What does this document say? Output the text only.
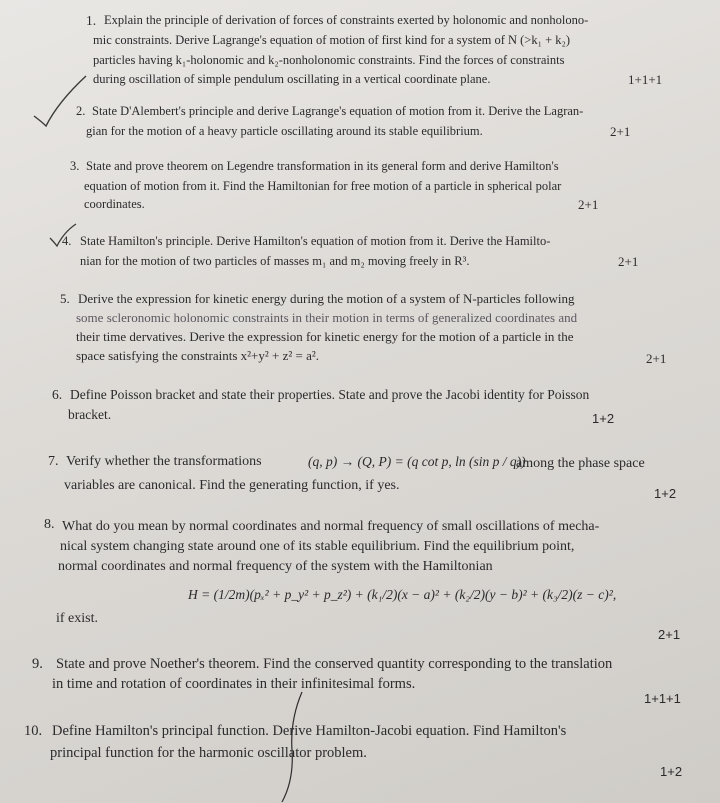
1. Explain the principle of derivation of forces of constraints exerted by holonomic and nonholono-
mic constraints. Derive Lagrange's equation of motion of first kind for a system of N (>k₁ + k₂)
particles having k₁-holonomic and k₂-nonholonomic constraints. Find the forces of constraints
during oscillation of simple pendulum oscillating in a vertical coordinate plane.	1+1+1
2. State D'Alembert's principle and derive Lagrange's equation of motion from it. Derive the Lagran-
gian for the motion of a heavy particle oscillating around its stable equilibrium.	2+1
3. State and prove theorem on Legendre transformation in its general form and derive Hamilton's
equation of motion from it. Find the Hamiltonian for free motion of a particle in spherical polar
coordinates.	2+1
4. State Hamilton's principle. Derive Hamilton's equation of motion from it. Derive the Hamilto-
nian for the motion of two particles of masses m₁ and m₂ moving freely in R³.	2+1
5. Derive the expression for kinetic energy during the motion of a system of N-particles following
some scleronomic holonomic constraints in their motion in terms of generalized coordinates and
their time dervatives. Derive the expression for kinetic energy for the motion of a particle in the
space satisfying the constraints x²+y² + z² = a².	2+1
6. Define Poisson bracket and state their properties. State and prove the Jacobi identity for Poisson
bracket.	1+2
7. Verify whether the transformations	(q, p) → (Q, P) = (q cot p, ln (sin p / q))
among the phase space
variables are canonical. Find the generating function, if yes.
1+2
8. What do you mean by normal coordinates and normal frequency of small oscillations of mecha-
nical system changing state around one of its stable equilibrium. Find the equilibrium point,
normal coordinates and normal frequency of the system with the Hamiltonian
H = (1/2m)(pₓ² + p_y² + p_z²) + (k₁/2)(x − a)² + (k₂/2)(y − b)² + (k₃/2)(z − c)²,
if exist.
2+1
9. State and prove Noether's theorem. Find the conserved quantity corresponding to the translation
in time and rotation of coordinates in their infinitesimal forms.
1+1+1
10. Define Hamilton's principal function. Derive Hamilton-Jacobi equation. Find Hamilton's
principal function for the harmonic oscillator problem.
1+2
